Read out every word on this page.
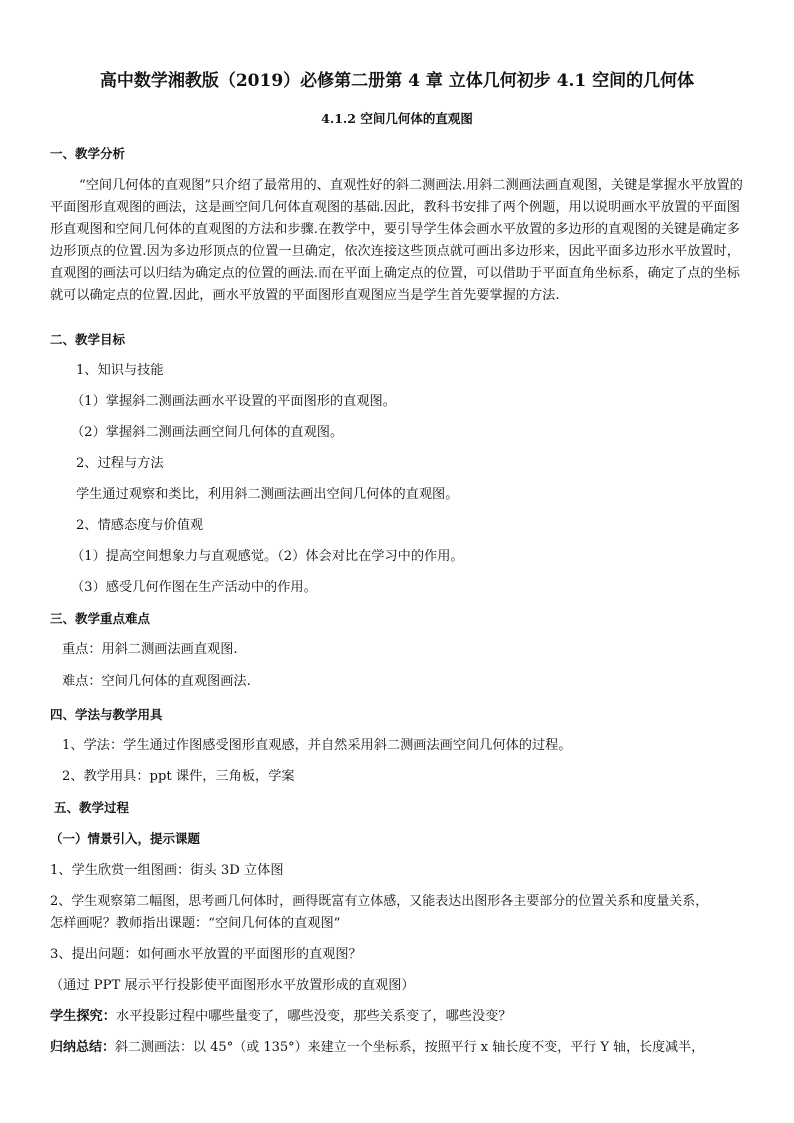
高中数学湘教版（2019）必修第二册第 4 章 立体几何初步 4.1 空间的几何体
4.1.2 空间几何体的直观图
一、教学分析
“空间几何体的直观图”只介绍了最常用的、直观性好的斜二测画法.用斜二测画法画直观图，关键是掌握水平放置的平面图形直观图的画法，这是画空间几何体直观图的基础.因此，教科书安排了两个例题，用以说明画水平放置的平面图形直观图和空间几何体的直观图的方法和步骤.在教学中，要引导学生体会画水平放置的多边形的直观图的关键是确定多边形顶点的位置.因为多边形顶点的位置一旦确定，依次连接这些顶点就可画出多边形来，因此平面多边形水平放置时，直观图的画法可以归结为确定点的位置的画法.而在平面上确定点的位置，可以借助于平面直角坐标系，确定了点的坐标就可以确定点的位置.因此，画水平放置的平面图形直观图应当是学生首先要掌握的方法.
二、教学目标
1、知识与技能
（1）掌握斜二测画法画水平设置的平面图形的直观图。
（2）掌握斜二测画法画空间几何体的直观图。
2、过程与方法
学生通过观察和类比，利用斜二测画法画出空间几何体的直观图。
2、情感态度与价值观
（1）提高空间想象力与直观感觉。（2）体会对比在学习中的作用。
（3）感受几何作图在生产活动中的作用。
三、教学重点难点
重点：用斜二测画法画直观图.
难点：空间几何体的直观图画法.
四、学法与教学用具
1、学法：学生通过作图感受图形直观感，并自然采用斜二测画法画空间几何体的过程。
2、教学用具：ppt 课件，三角板，学案
五、教学过程
（一）情景引入，提示课题
1、学生欣赏一组图画：街头 3D 立体图
2、学生观察第二幅图，思考画几何体时，画得既富有立体感，又能表达出图形各主要部分的位置关系和度量关系，
怎样画呢？教师指出课题：“空间几何体的直观图”
3、提出问题：如何画水平放置的平面图形的直观图？
（通过 PPT 展示平行投影使平面图形水平放置形成的直观图）
学生探究：水平投影过程中哪些量变了，哪些没变，那些关系变了，哪些没变？
归纳总结：斜二测画法：以 45°（或 135°）来建立一个坐标系，按照平行 x 轴长度不变，平行 Y 轴，长度减半，
